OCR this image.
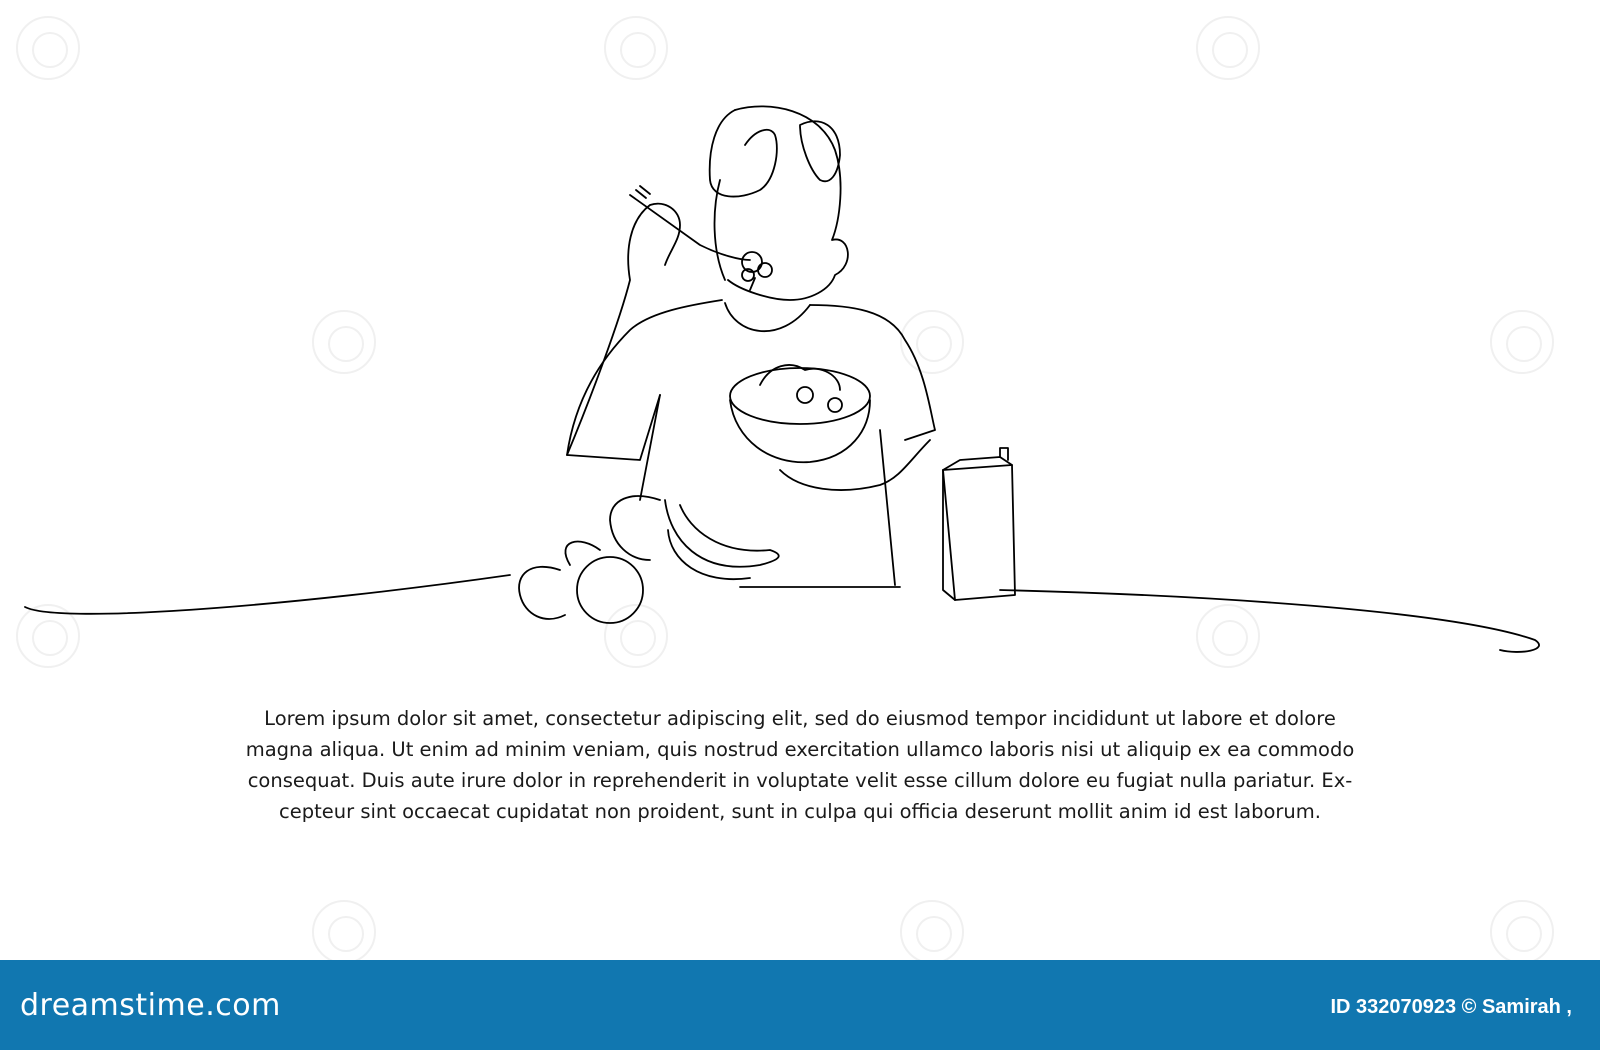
Lorem ipsum dolor sit amet, consectetur adipiscing elit, sed do eiusmod tempor incididunt ut labore et dolore
magna aliqua. Ut enim ad minim veniam, quis nostrud exercitation ullamco laboris nisi ut aliquip ex ea commodo
consequat. Duis aute irure dolor in reprehenderit in voluptate velit esse cillum dolore eu fugiat nulla pariatur. Ex-
cepteur sint occaecat cupidatat non proident, sunt in culpa qui officia deserunt mollit anim id est laborum.
dreamstime.com	ID 332070923 © Samirah ,
